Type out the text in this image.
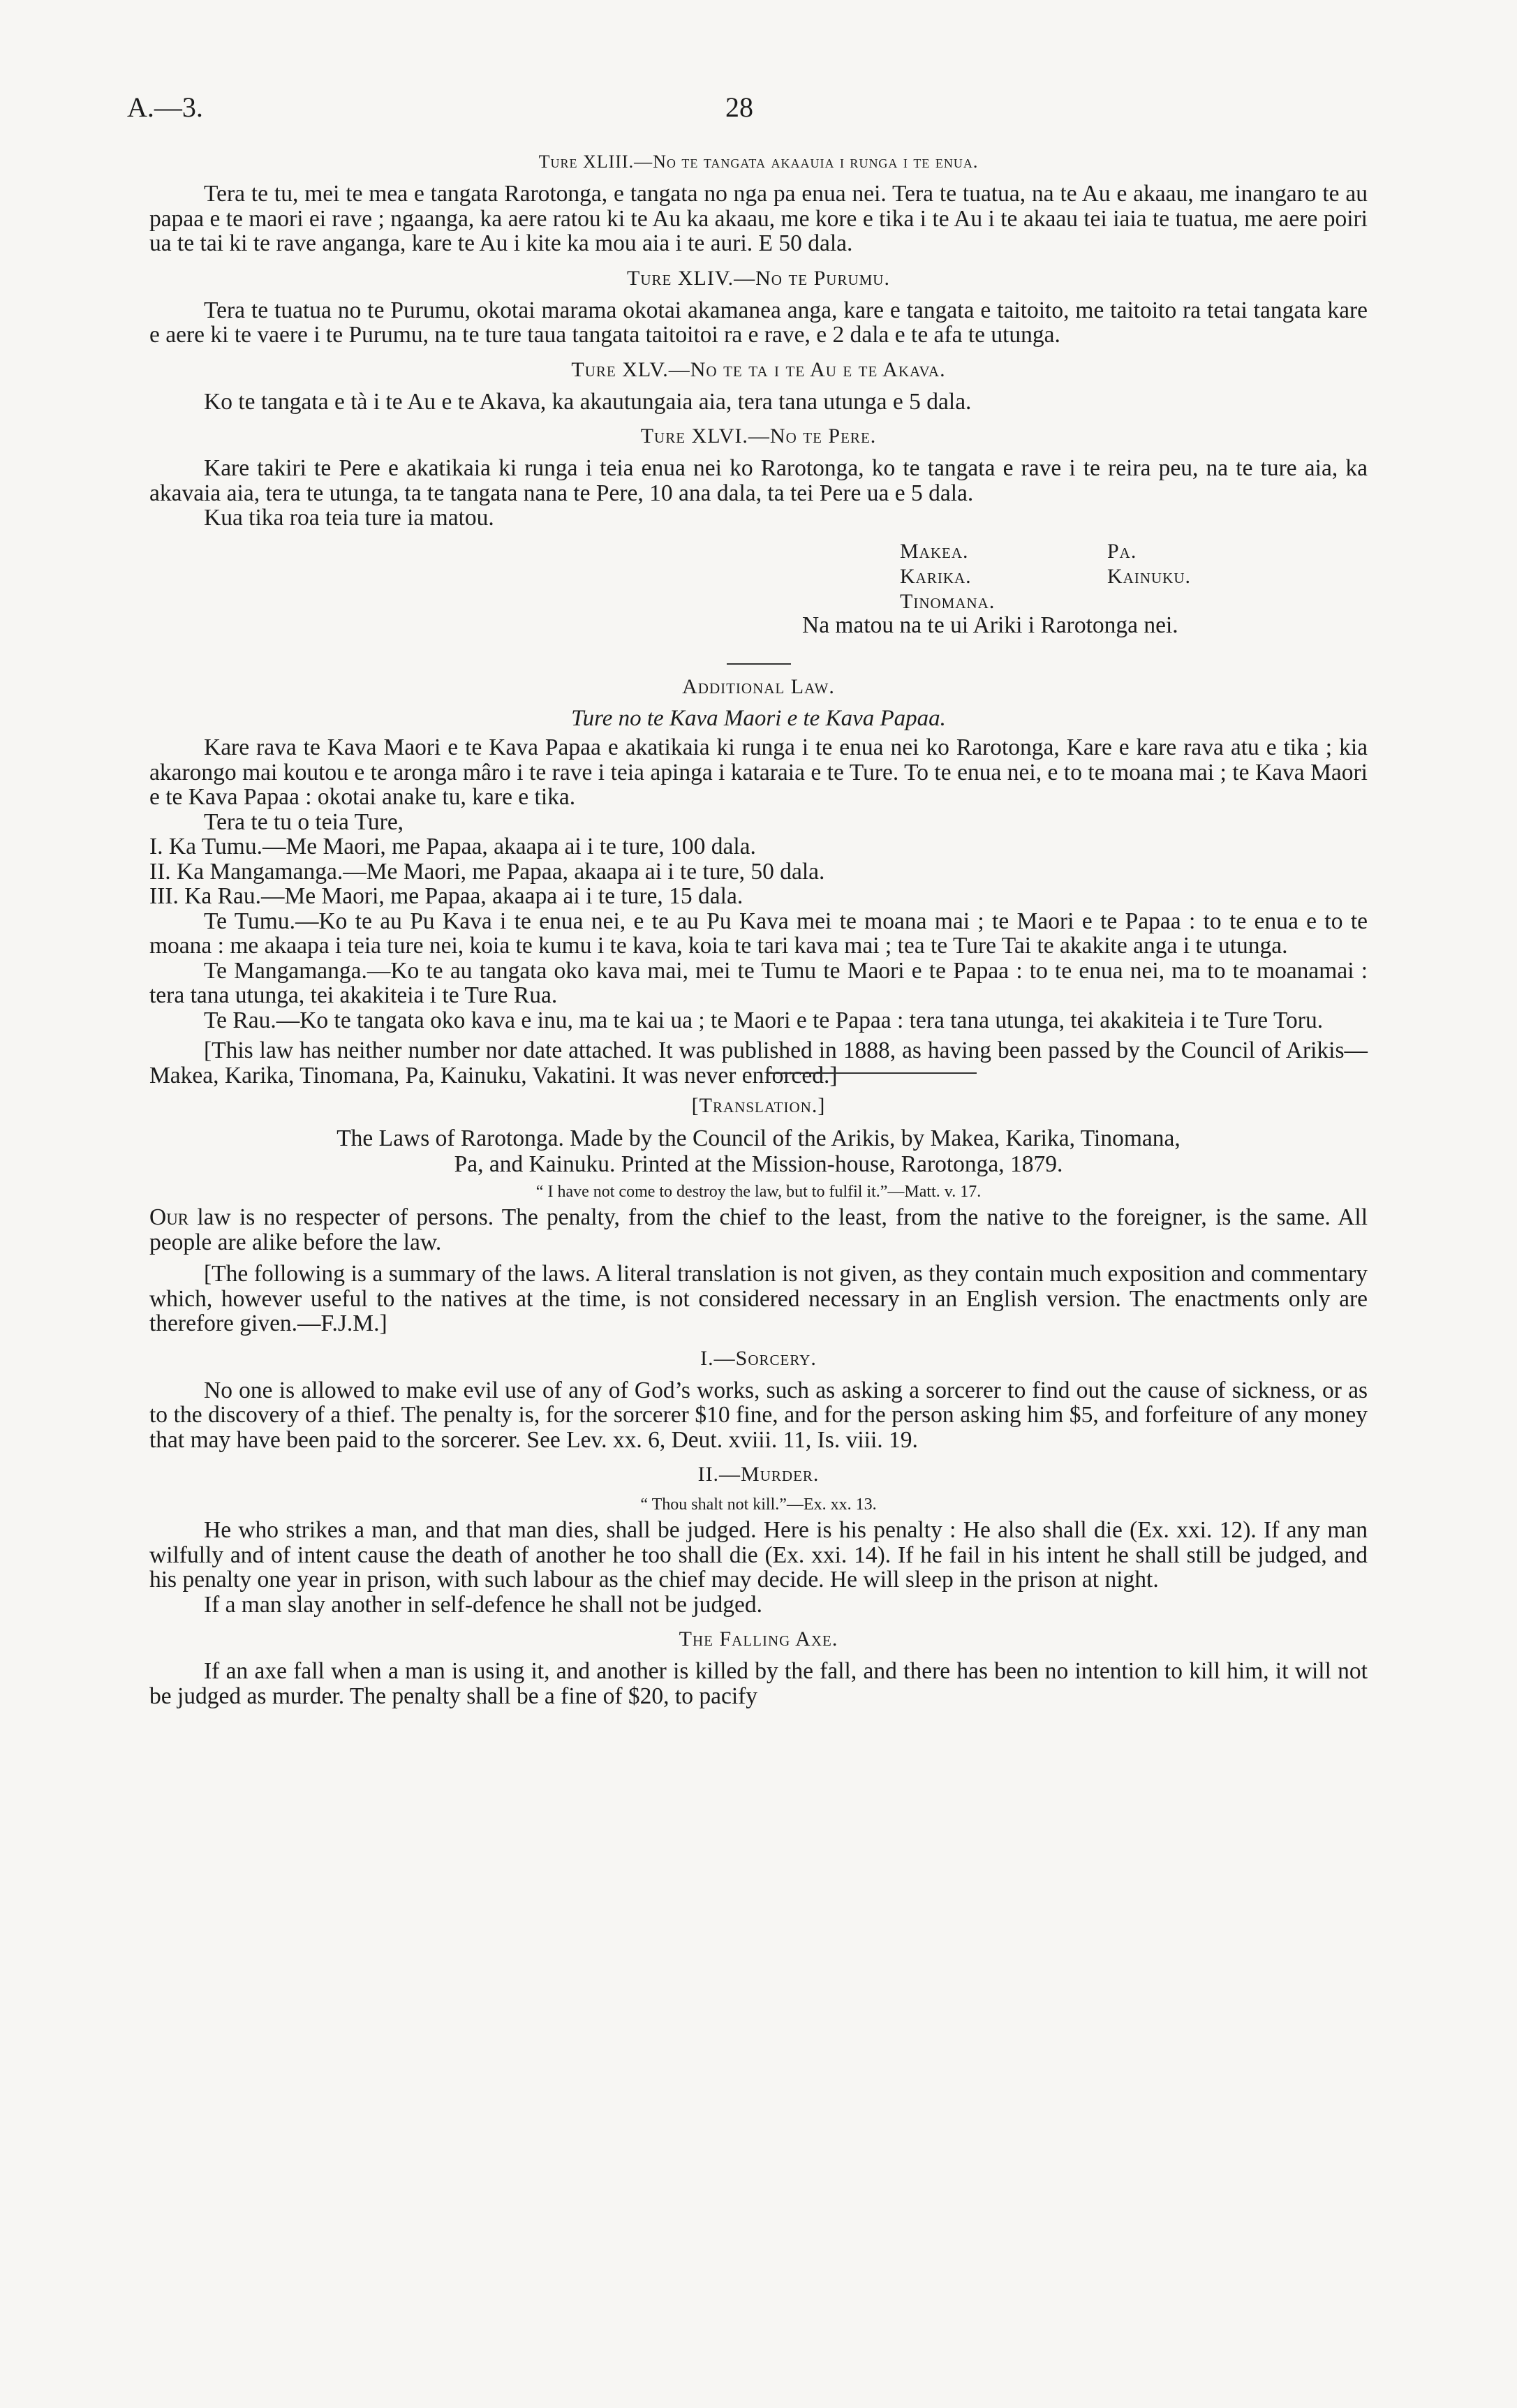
A.—3.	28
Ture XLIII.—No te tangata akaauia i runga i te enua.

Tera te tu, mei te mea e tangata Rarotonga, e tangata no nga pa enua nei. Tera te tuatua, na te Au e akaau, me inangaro te au papaa e te maori ei rave ; ngaanga, ka aere ratou ki te Au ka akaau, me kore e tika i te Au i te akaau tei iaia te tuatua, me aere poiri ua te tai ki te rave anganga, kare te Au i kite ka mou aia i te auri. E 50 dala.

Ture XLIV.—No te Purumu.

Tera te tuatua no te Purumu, okotai marama okotai akamanea anga, kare e tangata e taitoito, me taitoito ra tetai tangata kare e aere ki te vaere i te Purumu, na te ture taua tangata taitoitoi ra e rave, e 2 dala e te afa te utunga.

Ture XLV.—No te ta i te Au e te Akava.

Ko te tangata e tà i te Au e te Akava, ka akautungaia aia, tera tana utunga e 5 dala.

Ture XLVI.—No te Pere.

Kare takiri te Pere e akatikaia ki runga i teia enua nei ko Rarotonga, ko te tangata e rave i te reira peu, na te ture aia, ka akavaia aia, tera te utunga, ta te tangata nana te Pere, 10 ana dala, ta tei Pere ua e 5 dala.

Kua tika roa teia ture ia matou.

Makea.	Pa.
Karika.	Kainuku.
Tinomana.
Na matou na te ui Ariki i Rarotonga nei.
Additional Law.
Ture no te Kava Maori e te Kava Papaa.

Kare rava te Kava Maori e te Kava Papaa e akatikaia ki runga i te enua nei ko Rarotonga, Kare e kare rava atu e tika ; kia akarongo mai koutou e te aronga mâro i te rave i teia apinga i kataraia e te Ture. To te enua nei, e to te moana mai ; te Kava Maori e te Kava Papaa : okotai anake tu, kare e tika.

Tera te tu o teia Ture,

I. Ka Tumu.—Me Maori, me Papaa, akaapa ai i te ture, 100 dala.

II. Ka Mangamanga.—Me Maori, me Papaa, akaapa ai i te ture, 50 dala.

III. Ka Rau.—Me Maori, me Papaa, akaapa ai i te ture, 15 dala.

Te Tumu.—Ko te au Pu Kava i te enua nei, e te au Pu Kava mei te moana mai ; te Maori e te Papaa : to te enua e to te moana : me akaapa i teia ture nei, koia te kumu i te kava, koia te tari kava mai ; tea te Ture Tai te akakite anga i te utunga.

Te Mangamanga.—Ko te au tangata oko kava mai, mei te Tumu te Maori e te Papaa : to te enua nei, ma to te moanamai : tera tana utunga, tei akakiteia i te Ture Rua.

Te Rau.—Ko te tangata oko kava e inu, ma te kai ua ; te Maori e te Papaa : tera tana utunga, tei akakiteia i te Ture Toru.

[This law has neither number nor date attached. It was published in 1888, as having been passed by the Council of Arikis—Makea, Karika, Tinomana, Pa, Kainuku, Vakatini. It was never enforced.]

[Translation.]
The Laws of Rarotonga. Made by the Council of the Arikis, by Makea, Karika, Tinomana,
Pa, and Kainuku. Printed at the Mission-house, Rarotonga, 1879.
“ I have not come to destroy the law, but to fulfil it.”—Matt. v. 17.

Our law is no respecter of persons. The penalty, from the chief to the least, from the native to the foreigner, is the same. All people are alike before the law.

[The following is a summary of the laws. A literal translation is not given, as they contain much exposition and commentary which, however useful to the natives at the time, is not considered necessary in an English version. The enactments only are therefore given.—F.J.M.]

I.—Sorcery.

No one is allowed to make evil use of any of God’s works, such as asking a sorcerer to find out the cause of sickness, or as to the discovery of a thief. The penalty is, for the sorcerer $10 fine, and for the person asking him $5, and forfeiture of any money that may have been paid to the sorcerer. See Lev. xx. 6, Deut. xviii. 11, Is. viii. 19.

II.—Murder.
“ Thou shalt not kill.”—Ex. xx. 13.

He who strikes a man, and that man dies, shall be judged. Here is his penalty : He also shall die (Ex. xxi. 12). If any man wilfully and of intent cause the death of another he too shall die (Ex. xxi. 14). If he fail in his intent he shall still be judged, and his penalty one year in prison, with such labour as the chief may decide. He will sleep in the prison at night.

If a man slay another in self-defence he shall not be judged.

The Falling Axe.

If an axe fall when a man is using it, and another is killed by the fall, and there has been no intention to kill him, it will not be judged as murder. The penalty shall be a fine of $20, to pacify
